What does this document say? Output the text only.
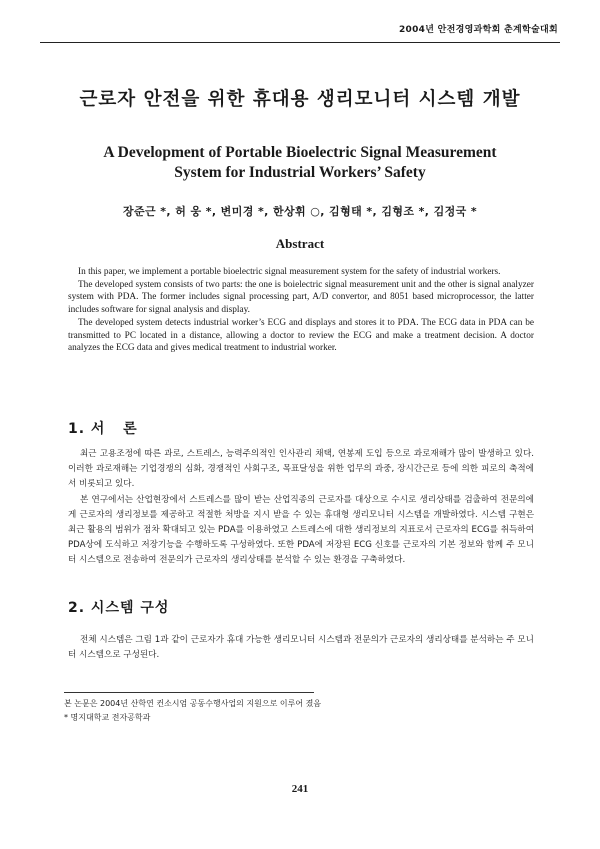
2004년 안전경영과학회 춘계학술대회
근로자 안전을 위한 휴대용 생리모니터 시스템 개발
A Development of Portable Bioelectric Signal Measurement
System for Industrial Workers’ Safety
장준근 *, 허 웅 *, 변미경 *, 한상휘 ○, 김형태 *, 김형조 *, 김정국 *
Abstract

In this paper, we implement a portable bioelectric signal measurement system for the safety of industrial workers.

The developed system consists of two parts: the one is boielectric signal measurement unit and the other is signal analyzer system with PDA. The former includes signal processing part, A/D convertor, and 8051 based microprocessor, the latter includes software for signal analysis and display.

The developed system detects industrial worker’s ECG and displays and stores it to PDA. The ECG data in PDA can be transmitted to PC located in a distance, allowing a doctor to review the ECG and make a treatment decision. A doctor analyzes the ECG data and gives medical treatment to industrial worker.

1. 서   론

최근 고용조정에 따른 과로, 스트레스, 능력주의적인 인사관리 채택, 연봉제 도입 등으로 과로재해가 많이 발생하고 있다. 이러한 과로재해는 기업경쟁의 심화, 경쟁적인 사회구조, 목표달성을 위한 업무의 과중, 장시간근로 등에 의한 피로의 축적에서 비롯되고 있다.

본 연구에서는 산업현장에서 스트레스를 많이 받는 산업직종의 근로자를 대상으로 수시로 생리상태를 검출하여 전문의에게 근로자의 생리정보를 제공하고 적절한 처방을 지시 받을 수 있는 휴대형 생리모니터 시스템을 개발하였다. 시스템 구현은 최근 활용의 범위가 점차 확대되고 있는 PDA를 이용하였고 스트레스에 대한 생리정보의 지표로서 근로자의 ECG를 취득하여 PDA상에 도식하고 저장기능을 수행하도록 구성하였다. 또한 PDA에 저장된 ECG 신호를 근로자의 기본 정보와 함께 주 모니터 시스템으로 전송하여 전문의가 근로자의 생리상태를 분석할 수 있는 환경을 구축하였다.

2. 시스템 구성

전체 시스템은 그림 1과 같이 근로자가 휴대 가능한 생리모니터 시스템과 전문의가 근로자의 생리상태를 분석하는 주 모니터 시스템으로 구성된다.

본 논문은 2004년 산학연 컨소시엄 공동수행사업의 지원으로 이루어 졌음
* 명지대학교 전자공학과
241
